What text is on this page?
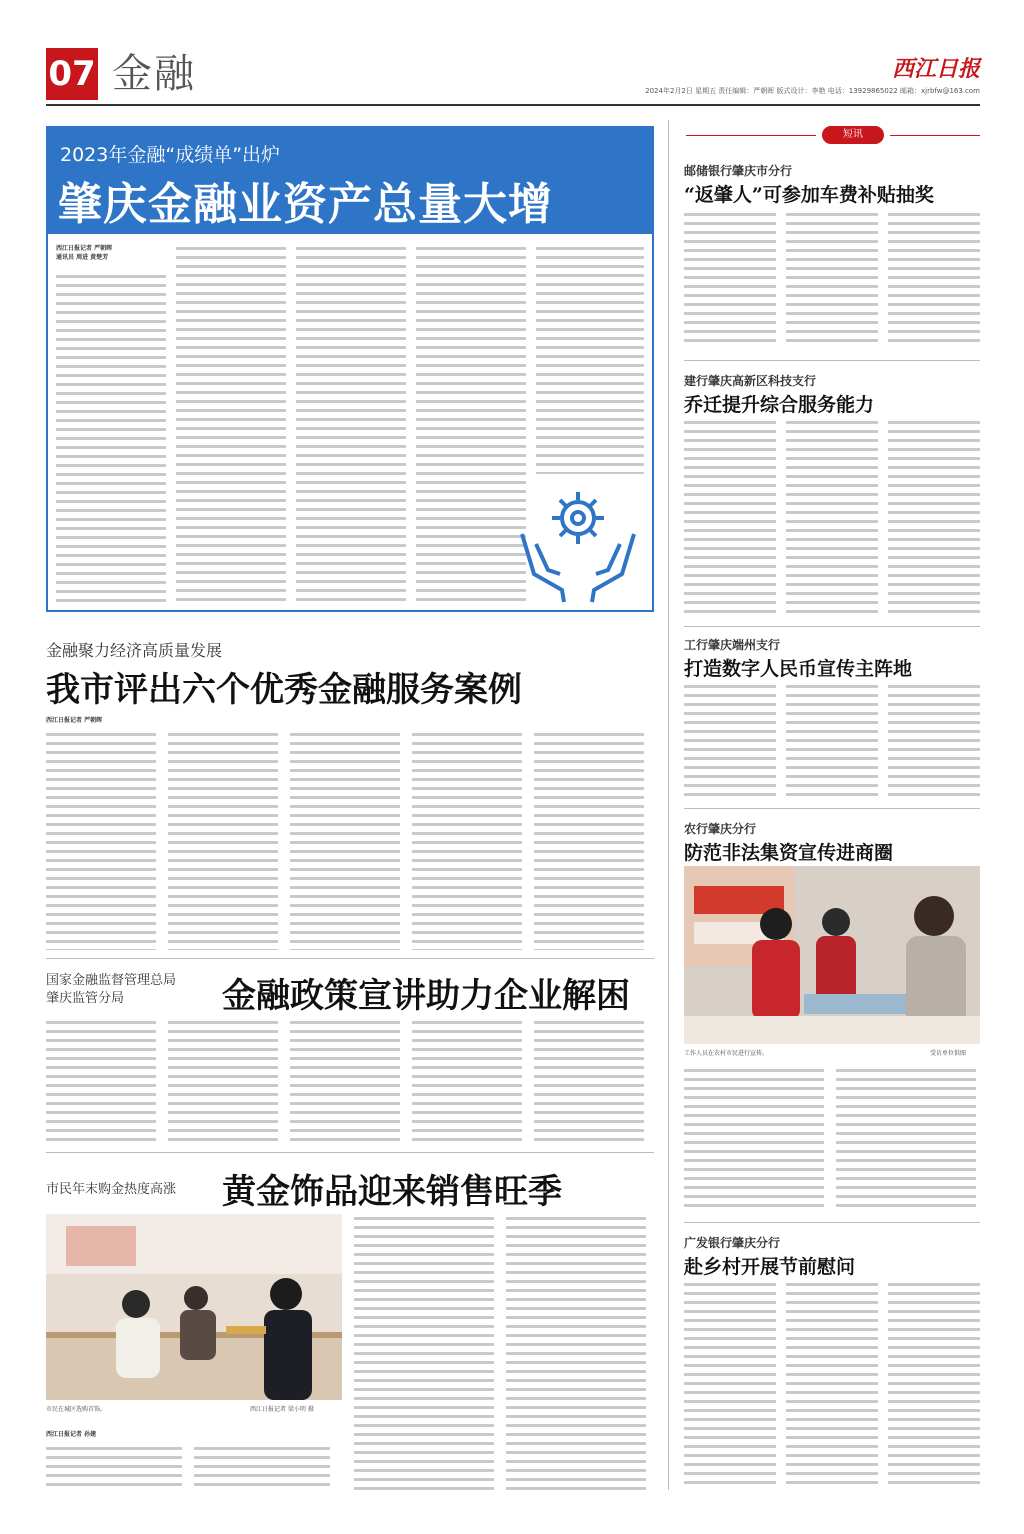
07 金融	西江日报
2024年2月2日 星期五 责任编辑：严朝晖 版式设计：李艳 电话：13929865022 邮箱：xjrbfw@163.com
2023年金融“成绩单”出炉
肇庆金融业资产总量大增
西江日报记者 严朝晖
通讯员 周进 黄楚芳
金融聚力经济高质量发展
我市评出六个优秀金融服务案例
西江日报记者 严朝晖
国家金融监督管理总局
肇庆监管分局	金融政策宣讲助力企业解困
市民年末购金热度高涨 黄金饰品迎来销售旺季
市民在城区选购首饰。	西江日报记者 梁小明 摄
西江日报记者 孙建
短讯
邮储银行肇庆市分行
“返肇人”可参加车费补贴抽奖
建行肇庆高新区科技支行
乔迁提升综合服务能力
工行肇庆端州支行
打造数字人民币宣传主阵地
农行肇庆分行
防范非法集资宣传进商圈
工作人员在农村市民进行宣传。	受访单位供图
广发银行肇庆分行
赴乡村开展节前慰问
